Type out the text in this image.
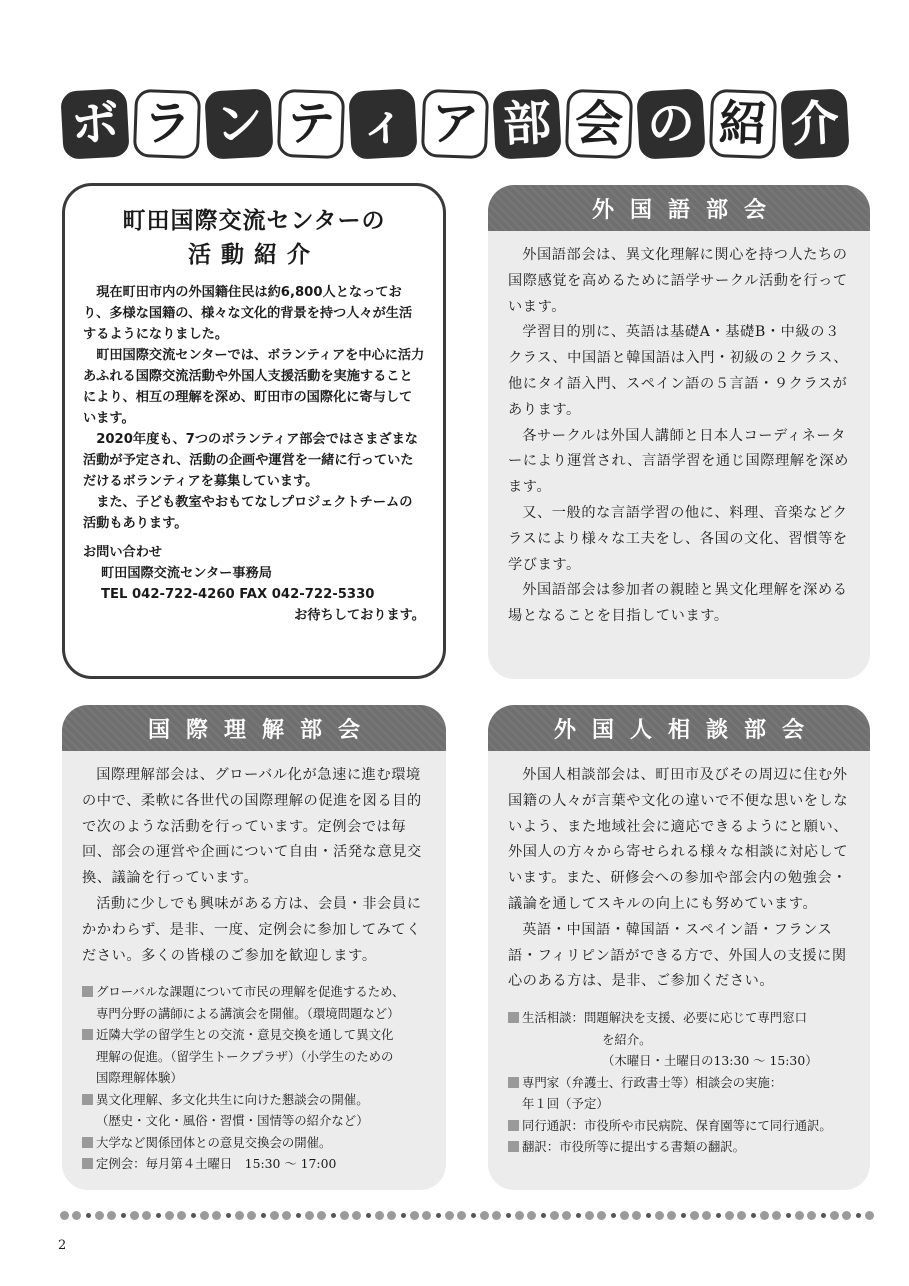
ボ ラ ン テ ィ ア 部 会 の 紹 介
町田国際交流センターの
活動紹介

現在町田市内の外国籍住民は約6,800人となっており、多様な国籍の、様々な文化的背景を持つ人々が生活するようになりました。

町田国際交流センターでは、ボランティアを中心に活力あふれる国際交流活動や外国人支援活動を実施することにより、相互の理解を深め、町田市の国際化に寄与しています。

2020年度も、7つのボランティア部会ではさまざまな活動が予定され、活動の企画や運営を一緒に行っていただけるボランティアを募集しています。

また、子ども教室やおもてなしプロジェクトチームの活動もあります。

お問い合わせ
町田国際交流センター事務局
TEL 042-722-4260 FAX 042-722-5330
お待ちしております。
外国語部会

外国語部会は、異文化理解に関心を持つ人たちの国際感覚を高めるために語学サークル活動を行っています。

学習目的別に、英語は基礎A・基礎B・中級の３クラス、中国語と韓国語は入門・初級の２クラス、他にタイ語入門、スペイン語の５言語・９クラスがあります。

各サークルは外国人講師と日本人コーディネーターにより運営され、言語学習を通じ国際理解を深めます。

又、一般的な言語学習の他に、料理、音楽などクラスにより様々な工夫をし、各国の文化、習慣等を学びます。

外国語部会は参加者の親睦と異文化理解を深める場となることを目指しています。

国際理解部会

国際理解部会は、グローバル化が急速に進む環境の中で、柔軟に各世代の国際理解の促進を図る目的で次のような活動を行っています。定例会では毎回、部会の運営や企画について自由・活発な意見交換、議論を行っています。

活動に少しでも興味がある方は、会員・非会員にかかわらず、是非、一度、定例会に参加してみてください。多くの皆様のご参加を歓迎します。

グローバルな課題について市民の理解を促進するため、
専門分野の講師による講演会を開催。（環境問題など）
近隣大学の留学生との交流・意見交換を通して異文化
理解の促進。（留学生トークプラザ）（小学生のための
国際理解体験）
異文化理解、多文化共生に向けた懇談会の開催。
（歴史・文化・風俗・習慣・国情等の紹介など）
大学など関係団体との意見交換会の開催。
定例会：毎月第４土曜日　15:30 ～ 17:00
外国人相談部会

外国人相談部会は、町田市及びその周辺に住む外国籍の人々が言葉や文化の違いで不便な思いをしないよう、また地域社会に適応できるようにと願い、外国人の方々から寄せられる様々な相談に対応しています。また、研修会への参加や部会内の勉強会・議論を通してスキルの向上にも努めています。

英語・中国語・韓国語・スペイン語・フランス語・フィリピン語ができる方で、外国人の支援に関心のある方は、是非、ご参加ください。

生活相談：問題解決を支援、必要に応じて専門窓口
を紹介。
（木曜日・土曜日の13:30 ～ 15:30）
専門家（弁護士、行政書士等）相談会の実施：
年１回（予定）
同行通訳：市役所や市民病院、保育園等にて同行通訳。
翻訳：市役所等に提出する書類の翻訳。
2
